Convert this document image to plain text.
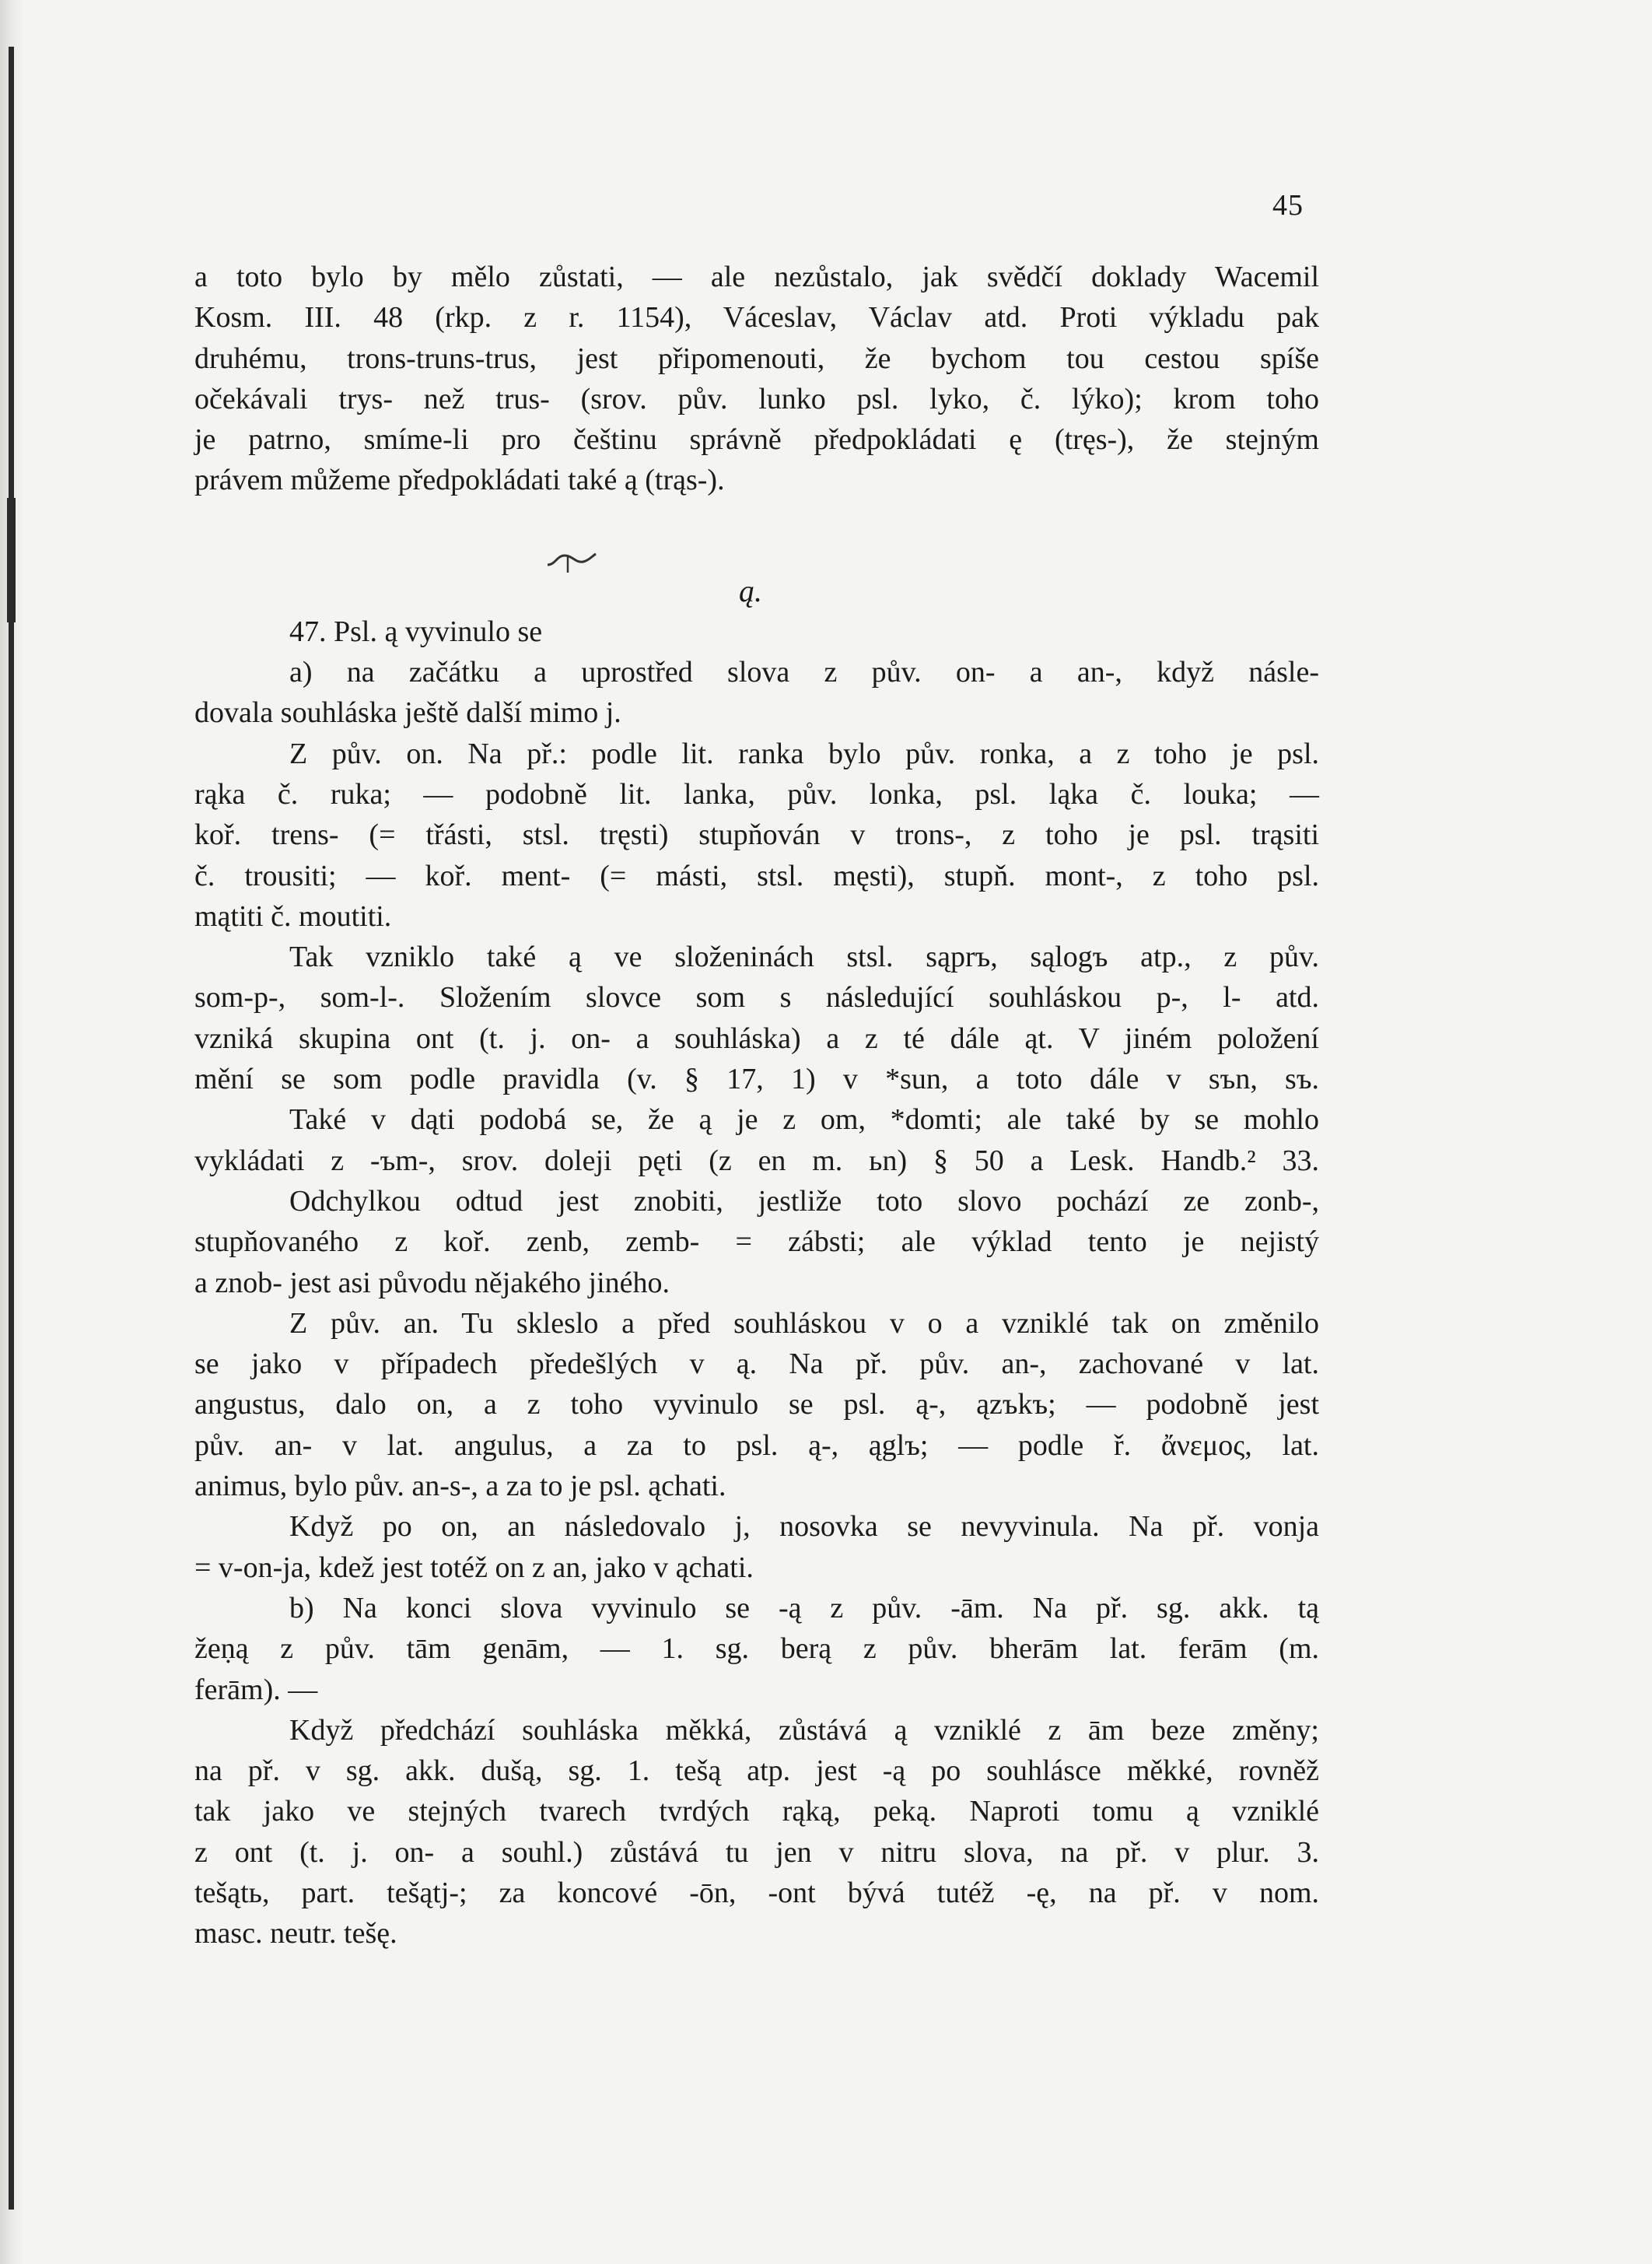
45
ą.
a toto bylo by mělo zůstati, — ale nezůstalo, jak svědčí doklady Wacemil
Kosm. III. 48 (rkp. z r. 1154), Váceslav, Václav atd. Proti výkladu pak
druhému, trons-truns-trus, jest připomenouti, že bychom tou cestou spíše
očekávali trys- než trus- (srov. pův. lunko psl. lyko, č. lýko); krom toho
je patrno, smíme-li pro češtinu správně předpokládati ę (tręs-), že stejným
právem můžeme předpokládati také ą (trąs-).
47. Psl. ą vyvinulo se
a) na začátku a uprostřed slova z pův. on- a an-, když násle-
dovala souhláska ještě další mimo j.
Z pův. on. Na př.: podle lit. ranka bylo pův. ronka, a z toho je psl.
rąka č. ruka; — podobně lit. lanka, pův. lonka, psl. ląka č. louka; —
koř. trens- (= třásti, stsl. tręsti) stupňován v trons-, z toho je psl. trąsiti
č. trousiti; — koř. ment- (= másti, stsl. męsti), stupň. mont-, z toho psl.
mątiti č. moutiti.
Tak vzniklo také ą ve složeninách stsl. sąprъ, sąlogъ atp., z pův.
som-p-, som-l-. Složením slovce som s následující souhláskou p-, l- atd.
vzniká skupina ont (t. j. on- a souhláska) a z té dále ąt. V jiném položení
mění se som podle pravidla (v. § 17, 1) v *sun, a toto dále v sъn, sъ.
Také v dąti podobá se, že ą je z om, *domti; ale také by se mohlo
vykládati z -ъm-, srov. doleji pęti (z en m. ьn) § 50 a Lesk. Handb.² 33.
Odchylkou odtud jest znobiti, jestliže toto slovo pochází ze zonb-,
stupňovaného z koř. zenb, zemb- = zábsti; ale výklad tento je nejistý
a znob- jest asi původu nějakého jiného.
Z pův. an. Tu skleslo a před souhláskou v o a vzniklé tak on změnilo
se jako v případech předešlých v ą. Na př. pův. an-, zachované v lat.
angustus, dalo on, a z toho vyvinulo se psl. ą-, ązъkъ; — podobně jest
pův. an- v lat. angulus, a za to psl. ą-, ąglъ; — podle ř. ἄνεμος, lat.
animus, bylo pův. an-s-, a za to je psl. ąchati.
Když po on, an následovalo j, nosovka se nevyvinula. Na př. vonja
= v-on-ja, kdež jest totéž on z an, jako v ąchati.
b) Na konci slova vyvinulo se -ą z pův. -ām. Na př. sg. akk. tą
žeṇą z pův. tām genām, — 1. sg. berą z pův. bherām lat. ferām (m.
ferām). —
Když předchází souhláska měkká, zůstává ą vzniklé z ām beze změny;
na př. v sg. akk. dušą, sg. 1. tešą atp. jest -ą po souhlásce měkké, rovněž
tak jako ve stejných tvarech tvrdých rąką, peką. Naproti tomu ą vzniklé
z ont (t. j. on- a souhl.) zůstává tu jen v nitru slova, na př. v plur. 3.
tešątь, part. tešątj-; za koncové -ōn, -ont bývá tutéž -ę, na př. v nom.
masc. neutr. tešę.
